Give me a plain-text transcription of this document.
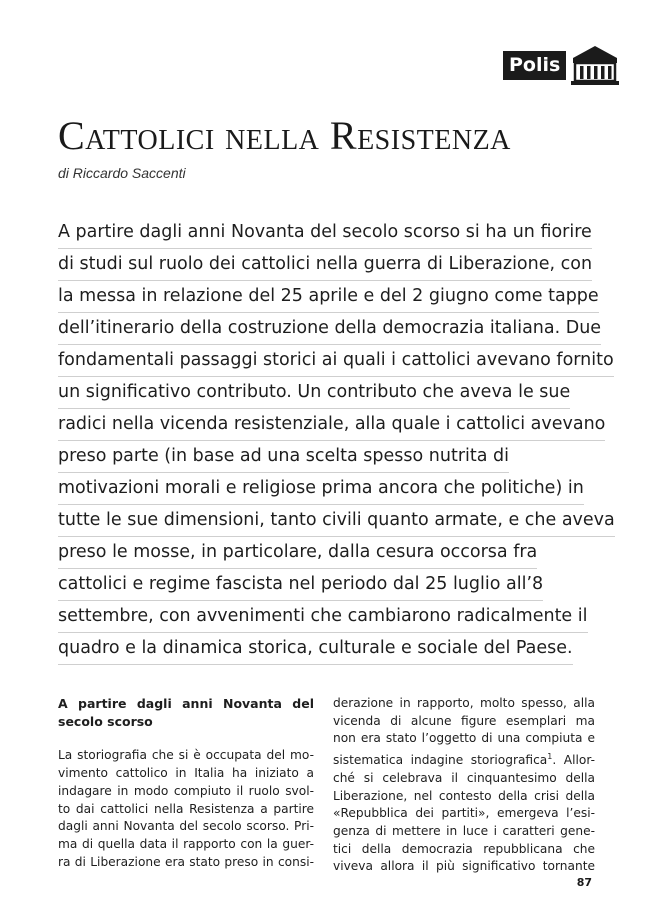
Polis
Cattolici nella Resistenza
di Riccardo Saccenti
A partire dagli anni Novanta del secolo scorso si ha un fiorire
di studi sul ruolo dei cattolici nella guerra di Liberazione, con
la messa in relazione del 25 aprile e del 2 giugno come tappe
dell’itinerario della costruzione della democrazia italiana. Due
fondamentali passaggi storici ai quali i cattolici avevano fornito
un significativo contributo. Un contributo che aveva le sue
radici nella vicenda resistenziale, alla quale i cattolici avevano
preso parte (in base ad una scelta spesso nutrita di
motivazioni morali e religiose prima ancora che politiche) in
tutte le sue dimensioni, tanto civili quanto armate, e che aveva
preso le mosse, in particolare, dalla cesura occorsa fra
cattolici e regime fascista nel periodo dal 25 luglio all’8
settembre, con avvenimenti che cambiarono radicalmente il
quadro e la dinamica storica, culturale e sociale del Paese.
A partire dagli anni Novanta del secolo scorso

La storiografia che si è occupata del mo-
vimento cattolico in Italia ha iniziato a
indagare in modo compiuto il ruolo svol-
to dai cattolici nella Resistenza a partire
dagli anni Novanta del secolo scorso. Pri-
ma di quella data il rapporto con la guer-
ra di Liberazione era stato preso in consi-

derazione in rapporto, molto spesso, alla
vicenda di alcune figure esemplari ma
non era stato l’oggetto di una compiuta e
sistematica indagine storiografica$^1$. Allor-
ché si celebrava il cinquantesimo della
Liberazione, nel contesto della crisi della
«Repubblica dei partiti», emergeva l’esi-
genza di mettere in luce i caratteri gene-
tici della democrazia repubblicana che
viveva allora il più significativo tornante

87
